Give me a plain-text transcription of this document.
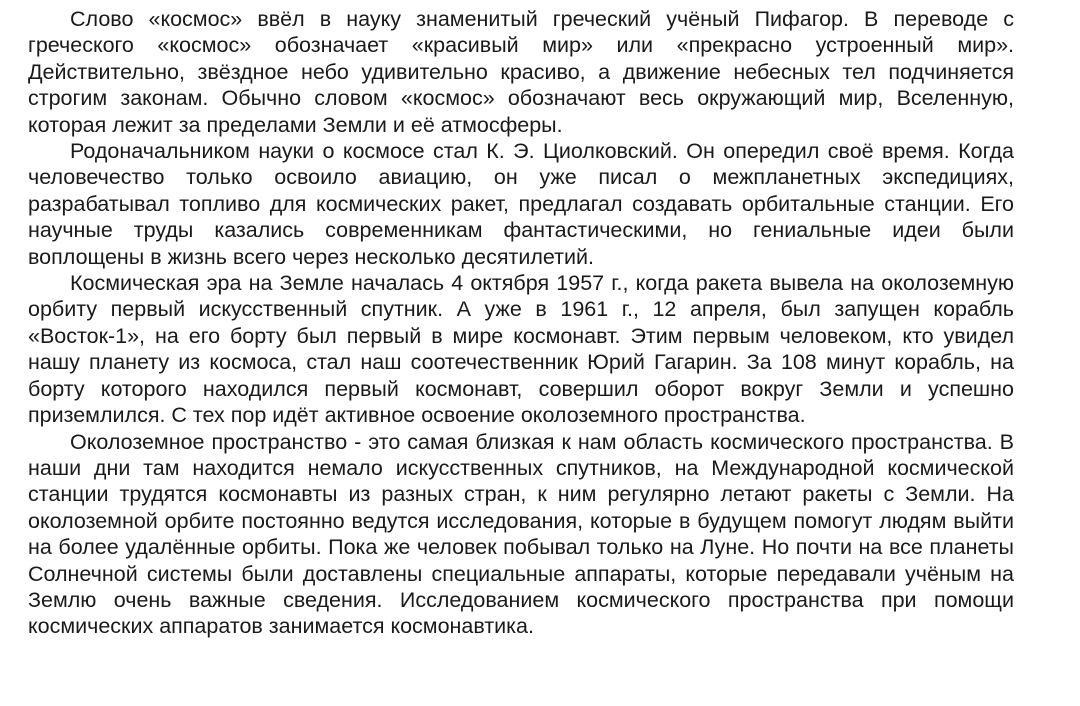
Слово «космос» ввёл в науку знаменитый греческий учёный Пифагор. В переводе с греческого «космос» обозначает «красивый мир» или «прекрасно устроенный мир». Действительно, звёздное небо удивительно красиво, а движение небесных тел подчиняется строгим законам. Обычно словом «космос» обозначают весь окружающий мир, Вселенную, которая лежит за пределами Земли и её атмосферы.

Родоначальником науки о космосе стал К. Э. Циолковский. Он опередил своё время. Когда человечество только освоило авиацию, он уже писал о межпланетных экспедициях, разрабатывал топливо для космических ракет, предлагал создавать орбитальные станции. Его научные труды казались современникам фантастическими, но гениальные идеи были воплощены в жизнь всего через несколько десятилетий.

Космическая эра на Земле началась 4 октября 1957 г., когда ракета вывела на околоземную орбиту первый искусственный спутник. А уже в 1961 г., 12 апреля, был запущен корабль «Восток-1», на его борту был первый в мире космонавт. Этим первым человеком, кто увидел нашу планету из космоса, стал наш соотечественник Юрий Гагарин. За 108 минут корабль, на борту которого находился первый космонавт, совершил оборот вокруг Земли и успешно приземлился. С тех пор идёт активное освоение околоземного пространства.

Околоземное пространство - это самая близкая к нам область космического пространства. В наши дни там находится немало искусственных спутников, на Международной космической станции трудятся космонавты из разных стран, к ним регулярно летают ракеты с Земли. На околоземной орбите постоянно ведутся исследования, которые в будущем помогут людям выйти на более удалённые орбиты. Пока же человек побывал только на Луне. Но почти на все планеты Солнечной системы были доставлены специальные аппараты, которые передавали учёным на Землю очень важные сведения. Исследованием космического пространства при помощи космических аппаратов занимается космонавтика.
